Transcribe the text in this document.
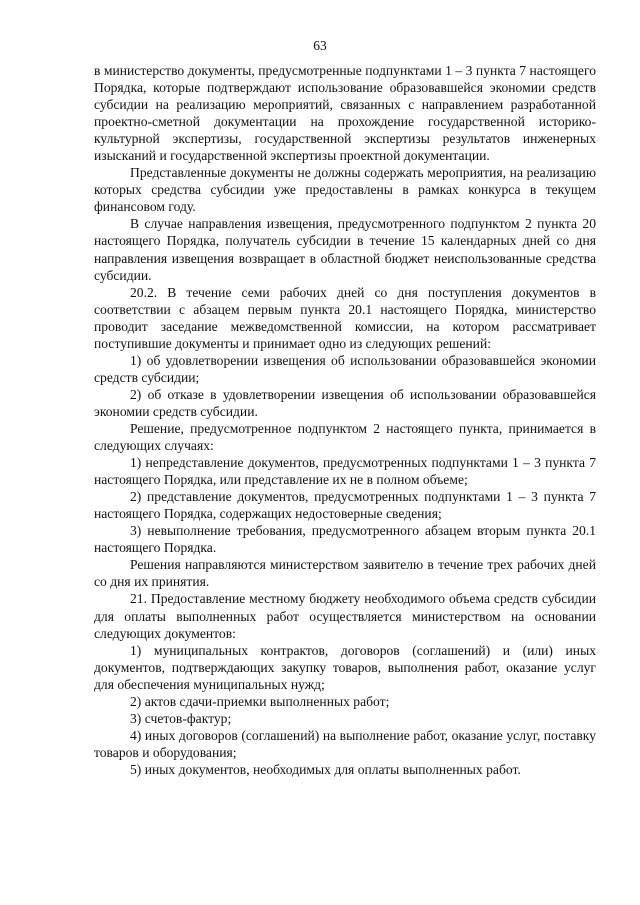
63

в министерство документы, предусмотренные подпунктами 1 – 3 пункта 7 настоящего Порядка, которые подтверждают использование образовавшейся экономии средств субсидии на реализацию мероприятий, связанных с направлением разработанной проектно-сметной документации на прохождение государственной историко-культурной экспертизы, государственной экспертизы результатов инженерных изысканий и государственной экспертизы проектной документации.

Представленные документы не должны содержать мероприятия, на реализацию которых средства субсидии уже предоставлены в рамках конкурса в текущем финансовом году.

В случае направления извещения, предусмотренного подпунктом 2 пункта 20 настоящего Порядка, получатель субсидии в течение 15 календарных дней со дня направления извещения возвращает в областной бюджет неиспользованные средства субсидии.

20.2. В течение семи рабочих дней со дня поступления документов в соответствии с абзацем первым пункта 20.1 настоящего Порядка, министерство проводит заседание межведомственной комиссии, на котором рассматривает поступившие документы и принимает одно из следующих решений:

1) об удовлетворении извещения об использовании образовавшейся экономии средств субсидии;

2) об отказе в удовлетворении извещения об использовании образовавшейся экономии средств субсидии.

Решение, предусмотренное подпунктом 2 настоящего пункта, принимается в следующих случаях:

1) непредставление документов, предусмотренных подпунктами 1 – 3 пункта 7 настоящего Порядка, или представление их не в полном объеме;

2) представление документов, предусмотренных подпунктами 1 – 3 пункта 7 настоящего Порядка, содержащих недостоверные сведения;

3) невыполнение требования, предусмотренного абзацем вторым пункта 20.1 настоящего Порядка.

Решения направляются министерством заявителю в течение трех рабочих дней со дня их принятия.

21. Предоставление местному бюджету необходимого объема средств субсидии для оплаты выполненных работ осуществляется министерством на основании следующих документов:

1) муниципальных контрактов, договоров (соглашений) и (или) иных документов, подтверждающих закупку товаров, выполнения работ, оказание услуг для обеспечения муниципальных нужд;

2) актов сдачи-приемки выполненных работ;

3) счетов-фактур;

4) иных договоров (соглашений) на выполнение работ, оказание услуг, поставку товаров и оборудования;

5) иных документов, необходимых для оплаты выполненных работ.
